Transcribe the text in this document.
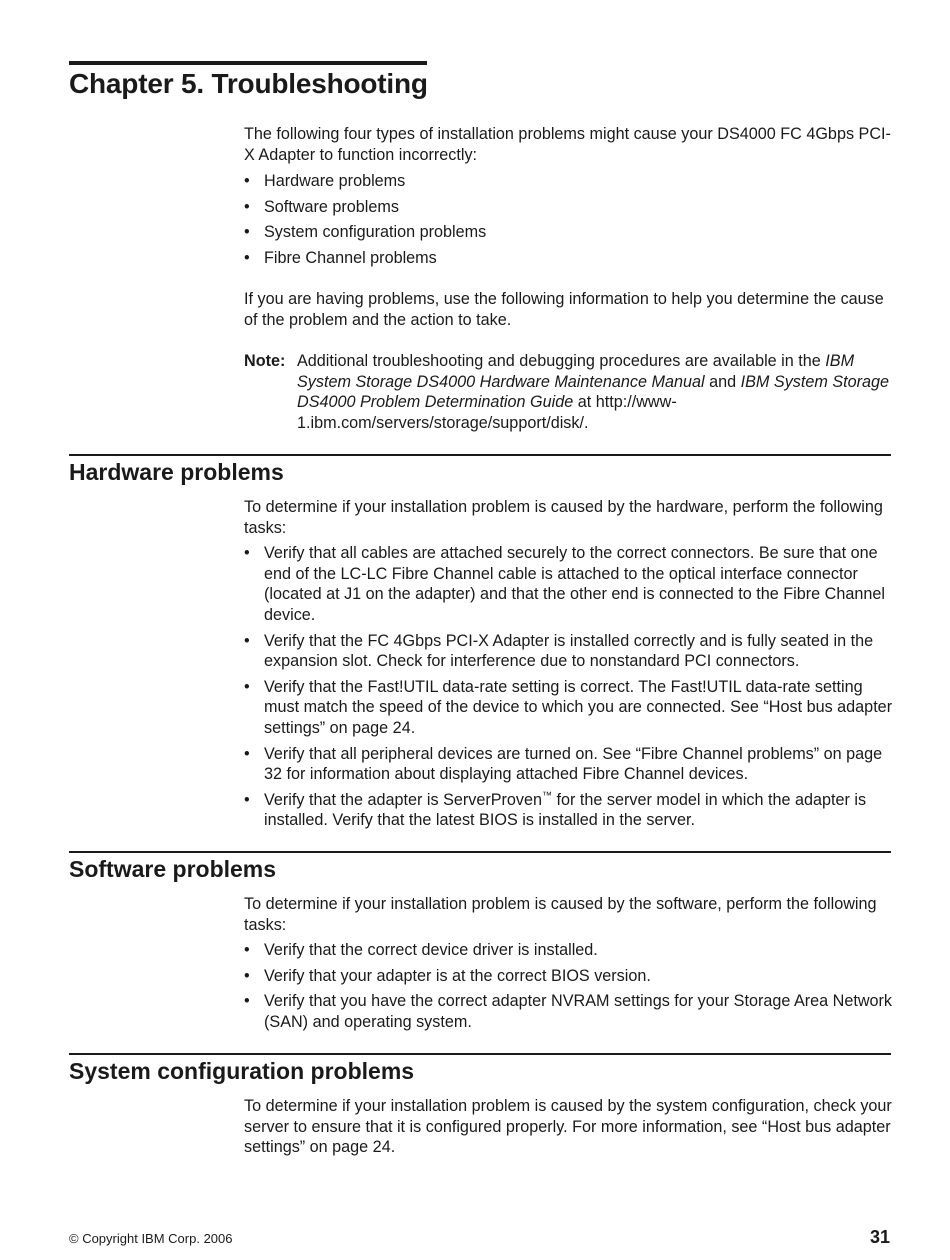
Chapter 5. Troubleshooting

The following four types of installation problems might cause your DS4000 FC 4Gbps PCI-X Adapter to function incorrectly:

• Hardware problems
• Software problems
• System configuration problems
• Fibre Channel problems

If you are having problems, use the following information to help you determine the cause of the problem and the action to take.

Note: Additional troubleshooting and debugging procedures are available in the IBM System Storage DS4000 Hardware Maintenance Manual and IBM System Storage DS4000 Problem Determination Guide at http://www-1.ibm.com/servers/storage/support/disk/.
Hardware problems

To determine if your installation problem is caused by the hardware, perform the following tasks:

• Verify that all cables are attached securely to the correct connectors. Be sure that one end of the LC-LC Fibre Channel cable is attached to the optical interface connector (located at J1 on the adapter) and that the other end is connected to the Fibre Channel device.
• Verify that the FC 4Gbps PCI-X Adapter is installed correctly and is fully seated in the expansion slot. Check for interference due to nonstandard PCI connectors.
• Verify that the Fast!UTIL data-rate setting is correct. The Fast!UTIL data-rate setting must match the speed of the device to which you are connected. See “Host bus adapter settings” on page 24.
• Verify that all peripheral devices are turned on. See “Fibre Channel problems” on page 32 for information about displaying attached Fibre Channel devices.
• Verify that the adapter is ServerProven™ for the server model in which the adapter is installed. Verify that the latest BIOS is installed in the server.
Software problems

To determine if your installation problem is caused by the software, perform the following tasks:

• Verify that the correct device driver is installed.
• Verify that your adapter is at the correct BIOS version.
• Verify that you have the correct adapter NVRAM settings for your Storage Area Network (SAN) and operating system.
System configuration problems

To determine if your installation problem is caused by the system configuration, check your server to ensure that it is configured properly. For more information, see “Host bus adapter settings” on page 24.

© Copyright IBM Corp. 2006	31
